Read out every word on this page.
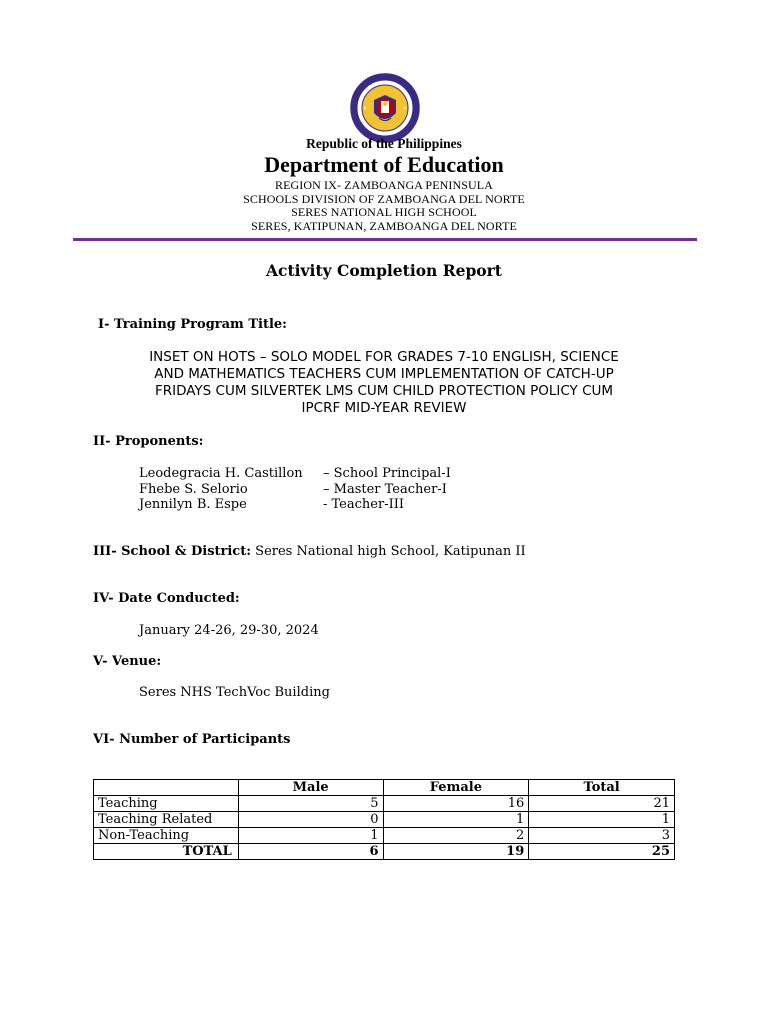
Republic of the Philippines
Department of Education
REGION IX- ZAMBOANGA PENINSULA
SCHOOLS DIVISION OF ZAMBOANGA DEL NORTE
SERES NATIONAL HIGH SCHOOL
SERES, KATIPUNAN, ZAMBOANGA DEL NORTE
Activity Completion Report
I- Training Program Title:
INSET ON HOTS – SOLO MODEL FOR GRADES 7-10 ENGLISH, SCIENCE
AND MATHEMATICS TEACHERS CUM IMPLEMENTATION OF CATCH-UP
FRIDAYS CUM SILVERTEK LMS CUM CHILD PROTECTION POLICY CUM
IPCRF MID-YEAR REVIEW
II- Proponents:
Leodegracia H. Castillon – School Principal-I
Fhebe S. Selorio	– Master Teacher-I
Jennilyn B. Espe	- Teacher-III
III- School & District: Seres National high School, Katipunan II
IV- Date Conducted:
January 24-26, 29-30, 2024
V- Venue:
Seres NHS TechVoc Building
VI- Number of Participants
	Male	Female	Total
Teaching	5	16	21
Teaching Related	0	1	1
Non-Teaching	1	2	3
TOTAL	6	19	25
